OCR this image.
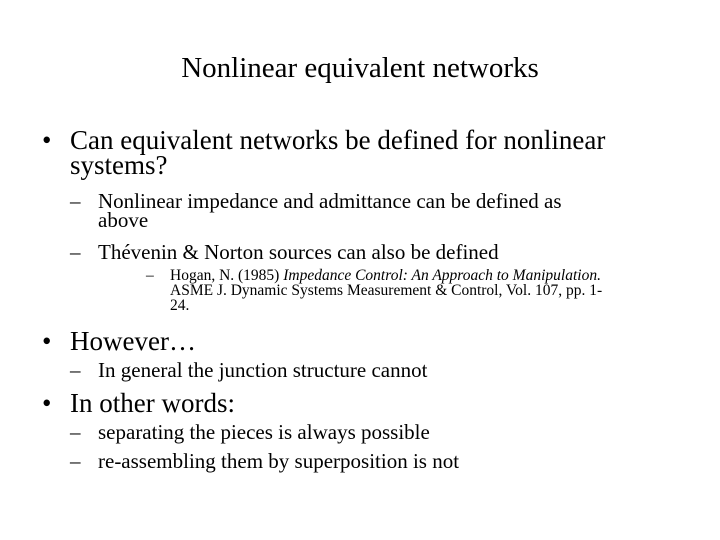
Nonlinear equivalent networks
• Can equivalent networks be defined for nonlinear
systems?
– Nonlinear impedance and admittance can be defined as
above
– Thévenin & Norton sources can also be defined
– Hogan, N. (1985) Impedance Control: An Approach to Manipulation.
ASME J. Dynamic Systems Measurement & Control, Vol. 107, pp. 1-
24.
• However…
– In general the junction structure cannot
• In other words:
– separating the pieces is always possible
– re-assembling them by superposition is not
